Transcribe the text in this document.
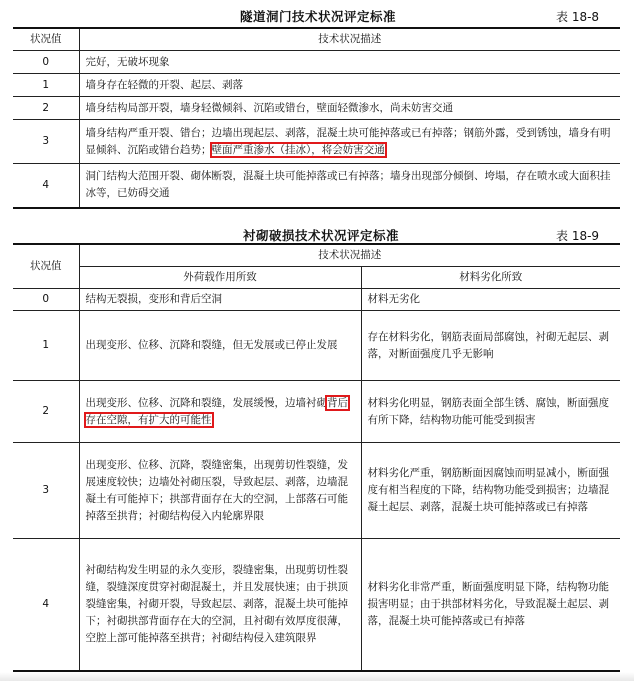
隧道洞门技术状况评定标准	表 18-8
状况值	技术状况描述
0	完好，无破坏现象
1	墙身存在轻微的开裂、起层、剥落
2	墙身结构局部开裂，墙身轻微倾斜、沉陷或错台，壁面轻微渗水，尚未妨害交通
3	墙身结构严重开裂、错台；边墙出现起层、剥落，混凝土块可能掉落或已有掉落；钢筋外露，受到锈蚀，墙身有明显倾斜、沉陷或错台趋势；壁面严重渗水（挂冰），将会妨害交通
4	洞门结构大范围开裂、砌体断裂，混凝土块可能掉落或已有掉落；墙身出现部分倾倒、垮塌，存在喷水或大面积挂冰等，已妨碍交通
衬砌破损技术状况评定标准	表 18-9
状况值	技术状况描述	
	外荷载作用所致	材料劣化所致
0	结构无裂损，变形和背后空洞	材料无劣化
1	出现变形、位移、沉降和裂缝，但无发展或已停止发展	存在材料劣化，钢筋表面局部腐蚀，衬砌无起层、剥落，对断面强度几乎无影响
2	出现变形、位移、沉降和裂缝，发展缓慢，边墙衬砌背后存在空隙，有扩大的可能性	材料劣化明显，钢筋表面全部生锈、腐蚀，断面强度有所下降，结构物功能可能受到损害
3	出现变形、位移、沉降，裂缝密集，出现剪切性裂缝，发展速度较快；边墙处衬砌压裂，导致起层、剥落，边墙混凝土有可能掉下；拱部背面存在大的空洞，上部落石可能掉落至拱背；衬砌结构侵入内轮廓界限	材料劣化严重，钢筋断面因腐蚀而明显减小，断面强度有相当程度的下降，结构物功能受到损害；边墙混凝土起层、剥落，混凝土块可能掉落或已有掉落
4	衬砌结构发生明显的永久变形，裂缝密集，出现剪切性裂缝，裂缝深度贯穿衬砌混凝土，并且发展快速；由于拱顶裂缝密集，衬砌开裂，导致起层、剥落，混凝土块可能掉下；衬砌拱部背面存在大的空洞，且衬砌有效厚度很薄，空腔上部可能掉落至拱背；衬砌结构侵入建筑限界	材料劣化非常严重，断面强度明显下降，结构物功能损害明显；由于拱部材料劣化，导致混凝土起层、剥落，混凝土块可能掉落或已有掉落
